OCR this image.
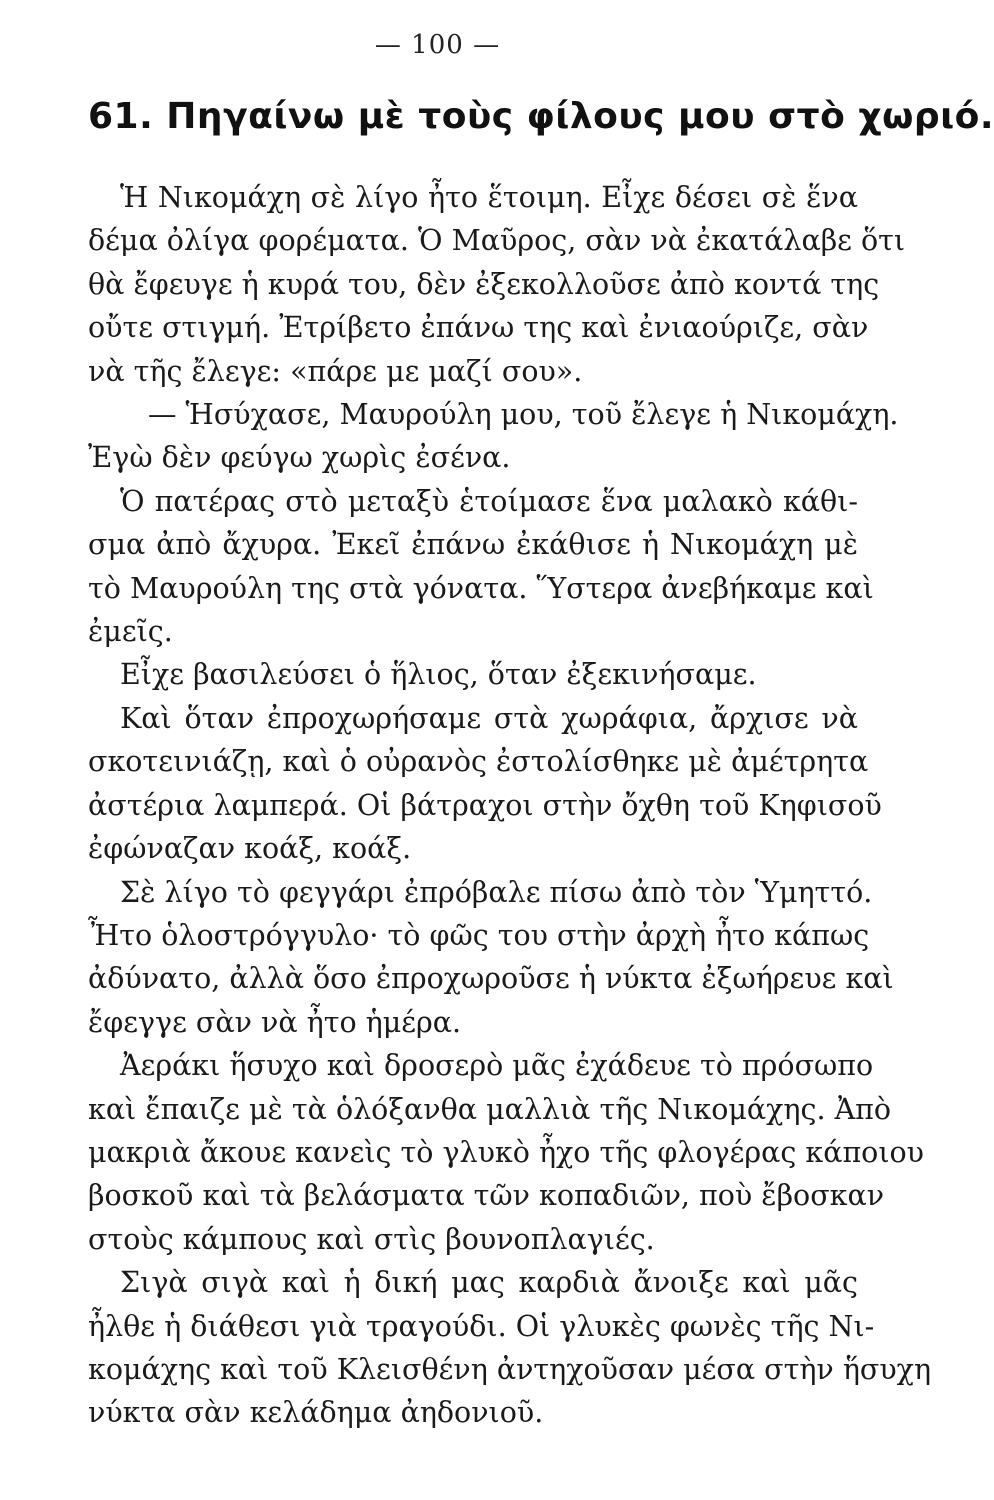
— 100 —
61. Πηγαίνω μὲ τοὺς φίλους μου στὸ χωριό.
Ἡ Νικομάχη σὲ λίγο ἦτο ἕτοιμη. Εἶχε δέσει σὲ ἕνα
δέμα ὀλίγα φορέματα. Ὁ Μαῦρος, σὰν νὰ ἐκατάλαβε ὅτι
θὰ ἔφευγε ἡ κυρά του, δὲν ἐξεκολλοῦσε ἀπὸ κοντά της
οὔτε στιγμή. Ἐτρίβετο ἐπάνω της καὶ ἐνιαούριζε, σὰν
νὰ τῆς ἔλεγε: «πάρε με μαζί σου».
— Ἡσύχασε, Μαυρούλη μου, τοῦ ἔλεγε ἡ Νικομάχη.
Ἐγὼ δὲν φεύγω χωρὶς ἐσένα.
Ὁ πατέρας στὸ μεταξὺ ἑτοίμασε ἕνα μαλακὸ κάθι-
σμα ἀπὸ ἄχυρα. Ἐκεῖ ἐπάνω ἐκάθισε ἡ Νικομάχη μὲ
τὸ Μαυρούλη της στὰ γόνατα. Ὕστερα ἀνεβήκαμε καὶ
ἐμεῖς.
Εἶχε βασιλεύσει ὁ ἥλιος, ὅταν ἐξεκινήσαμε.
Καὶ ὅταν ἐπροχωρήσαμε στὰ χωράφια, ἄρχισε νὰ
σκοτεινιάζῃ, καὶ ὁ οὐρανὸς ἐστολίσθηκε μὲ ἀμέτρητα
ἀστέρια λαμπερά. Οἱ βάτραχοι στὴν ὄχθη τοῦ Κηφισοῦ
ἐφώναζαν κοάξ, κοάξ.
Σὲ λίγο τὸ φεγγάρι ἐπρόβαλε πίσω ἀπὸ τὸν Ὑμηττό.
Ἦτο ὁλοστρόγγυλο· τὸ φῶς του στὴν ἀρχὴ ἦτο κάπως
ἀδύνατο, ἀλλὰ ὅσο ἐπροχωροῦσε ἡ νύκτα ἐξωήρευε καὶ
ἔφεγγε σὰν νὰ ἦτο ἡμέρα.
Ἀεράκι ἥσυχο καὶ δροσερὸ μᾶς ἐχάδευε τὸ πρόσωπο
καὶ ἔπαιζε μὲ τὰ ὁλόξανθα μαλλιὰ τῆς Νικομάχης. Ἀπὸ
μακριὰ ἄκουε κανεὶς τὸ γλυκὸ ἦχο τῆς φλογέρας κάποιου
βοσκοῦ καὶ τὰ βελάσματα τῶν κοπαδιῶν, ποὺ ἔβοσκαν
στοὺς κάμπους καὶ στὶς βουνοπλαγιές.
Σιγὰ σιγὰ καὶ ἡ δική μας καρδιὰ ἄνοιξε καὶ μᾶς
ἦλθε ἡ διάθεσι γιὰ τραγούδι. Οἱ γλυκὲς φωνὲς τῆς Νι-
κομάχης καὶ τοῦ Κλεισθένη ἀντηχοῦσαν μέσα στὴν ἥσυχη
νύκτα σὰν κελάδημα ἀηδονιοῦ.
